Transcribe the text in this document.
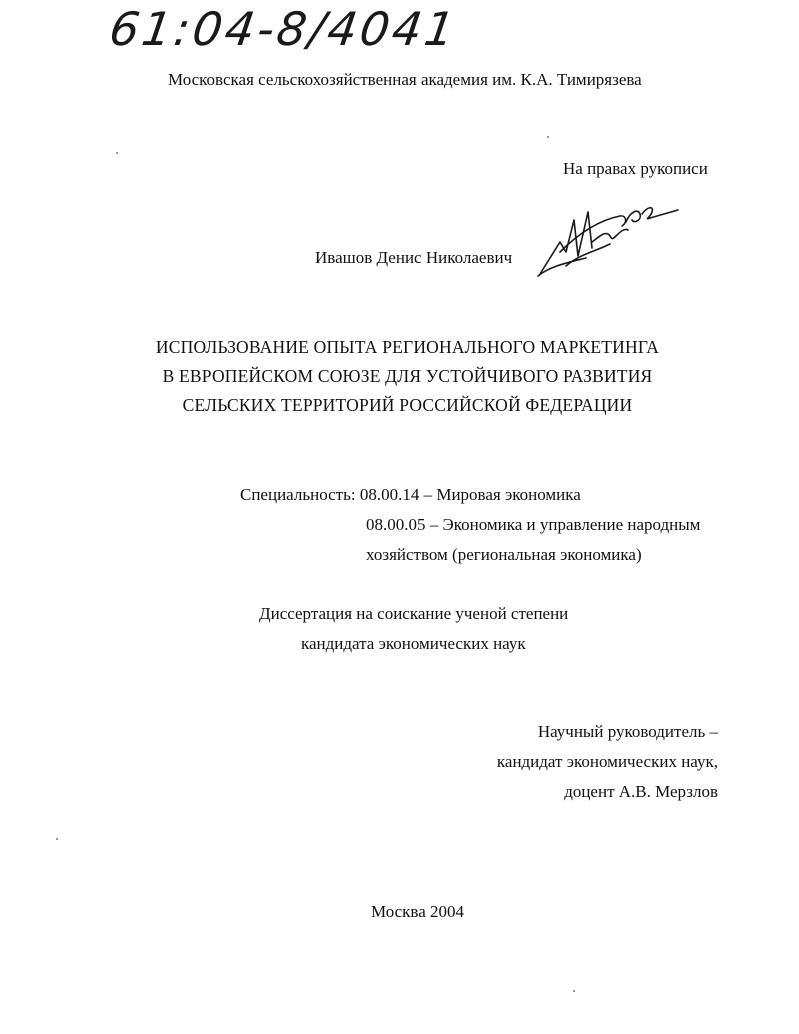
61:04-8/4041
Московская сельскохозяйственная академия им. К.А. Тимирязева
На правах рукописи
Ивашов Денис Николаевич
ИСПОЛЬЗОВАНИЕ ОПЫТА РЕГИОНАЛЬНОГО МАРКЕТИНГА
В ЕВРОПЕЙСКОМ СОЮЗЕ ДЛЯ УСТОЙЧИВОГО РАЗВИТИЯ
СЕЛЬСКИХ ТЕРРИТОРИЙ РОССИЙСКОЙ ФЕДЕРАЦИИ
Специальность: 08.00.14 – Мировая экономика
08.00.05 – Экономика и управление народным
хозяйством (региональная экономика)
Диссертация на соискание ученой степени
кандидата экономических наук
Научный руководитель –
кандидат экономических наук,
доцент А.В. Мерзлов
Москва 2004
